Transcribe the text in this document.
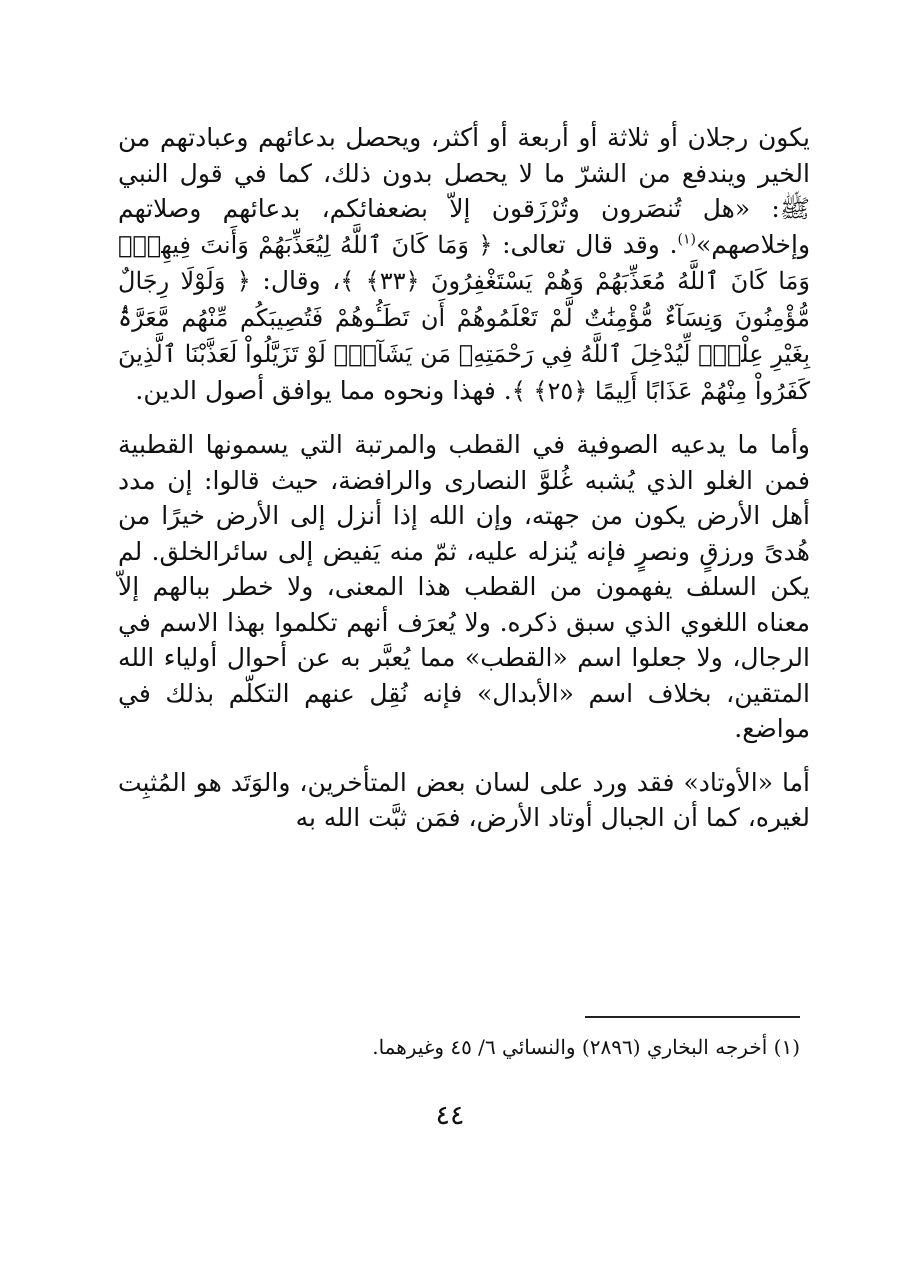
يكون رجلان أو ثلاثة أو أربعة أو أكثر، ويحصل بدعائهم وعبادتهم من الخير ويندفع من الشرّ ما لا يحصل بدون ذلك، كما في قول النبي ﷺ: «هل تُنصَرون وتُرْزَقون إلاّ بضعفائكم، بدعائهم وصلاتهم وإخلاصهم»$^{(١)}$. وقد قال تعالى: ﴿ وَمَا كَانَ ٱللَّهُ لِيُعَذِّبَهُمْ وَأَنتَ فِيهِمْۚ وَمَا كَانَ ٱللَّهُ مُعَذِّبَهُمْ وَهُمْ يَسْتَغْفِرُونَ ﴿٣٣﴾ ﴾، وقال: ﴿ وَلَوْلَا رِجَالٌ مُّؤْمِنُونَ وَنِسَآءٌ مُّؤْمِنَٰتٌ لَّمْ تَعْلَمُوهُمْ أَن تَطَـُٔوهُمْ فَتُصِيبَكُم مِّنْهُم مَّعَرَّةُۢ بِغَيْرِ عِلْمٍۖ لِّيُدْخِلَ ٱللَّهُ فِي رَحْمَتِهِۦ مَن يَشَآءُۚ لَوْ تَزَيَّلُواْ لَعَذَّبْنَا ٱلَّذِينَ كَفَرُواْ مِنْهُمْ عَذَابًا أَلِيمًا ﴿٢٥﴾ ﴾. فهذا ونحوه مما يوافق أصول الدين.

وأما ما يدعيه الصوفية في القطب والمرتبة التي يسمونها القطبية فمن الغلو الذي يُشبه غُلوَّ النصارى والرافضة، حيث قالوا: إن مدد أهل الأرض يكون من جهته، وإن الله إذا أنزل إلى الأرض خيرًا من هُدىً ورزقٍ ونصرٍ فإنه يُنزله عليه، ثمّ منه يَفيض إلى سائرالخلق. لم يكن السلف يفهمون من القطب هذا المعنى، ولا خطر ببالهم إلاّ معناه اللغوي الذي سبق ذكره. ولا يُعرَف أنهم تكلموا بهذا الاسم في الرجال، ولا جعلوا اسم «القطب» مما يُعبَّر به عن أحوال أولياء الله المتقين، بخلاف اسم «الأبدال» فإنه نُقِل عنهم التكلّم بذلك في مواضع.

أما «الأوتاد» فقد ورد على لسان بعض المتأخرين، والوَتَد هو المُثبِت لغيره، كما أن الجبال أوتاد الأرض، فمَن ثبَّت الله به

(١) أخرجه البخاري (٢٨٩٦) والنسائي ٦/ ٤٥ وغيرهما.
٤٤
